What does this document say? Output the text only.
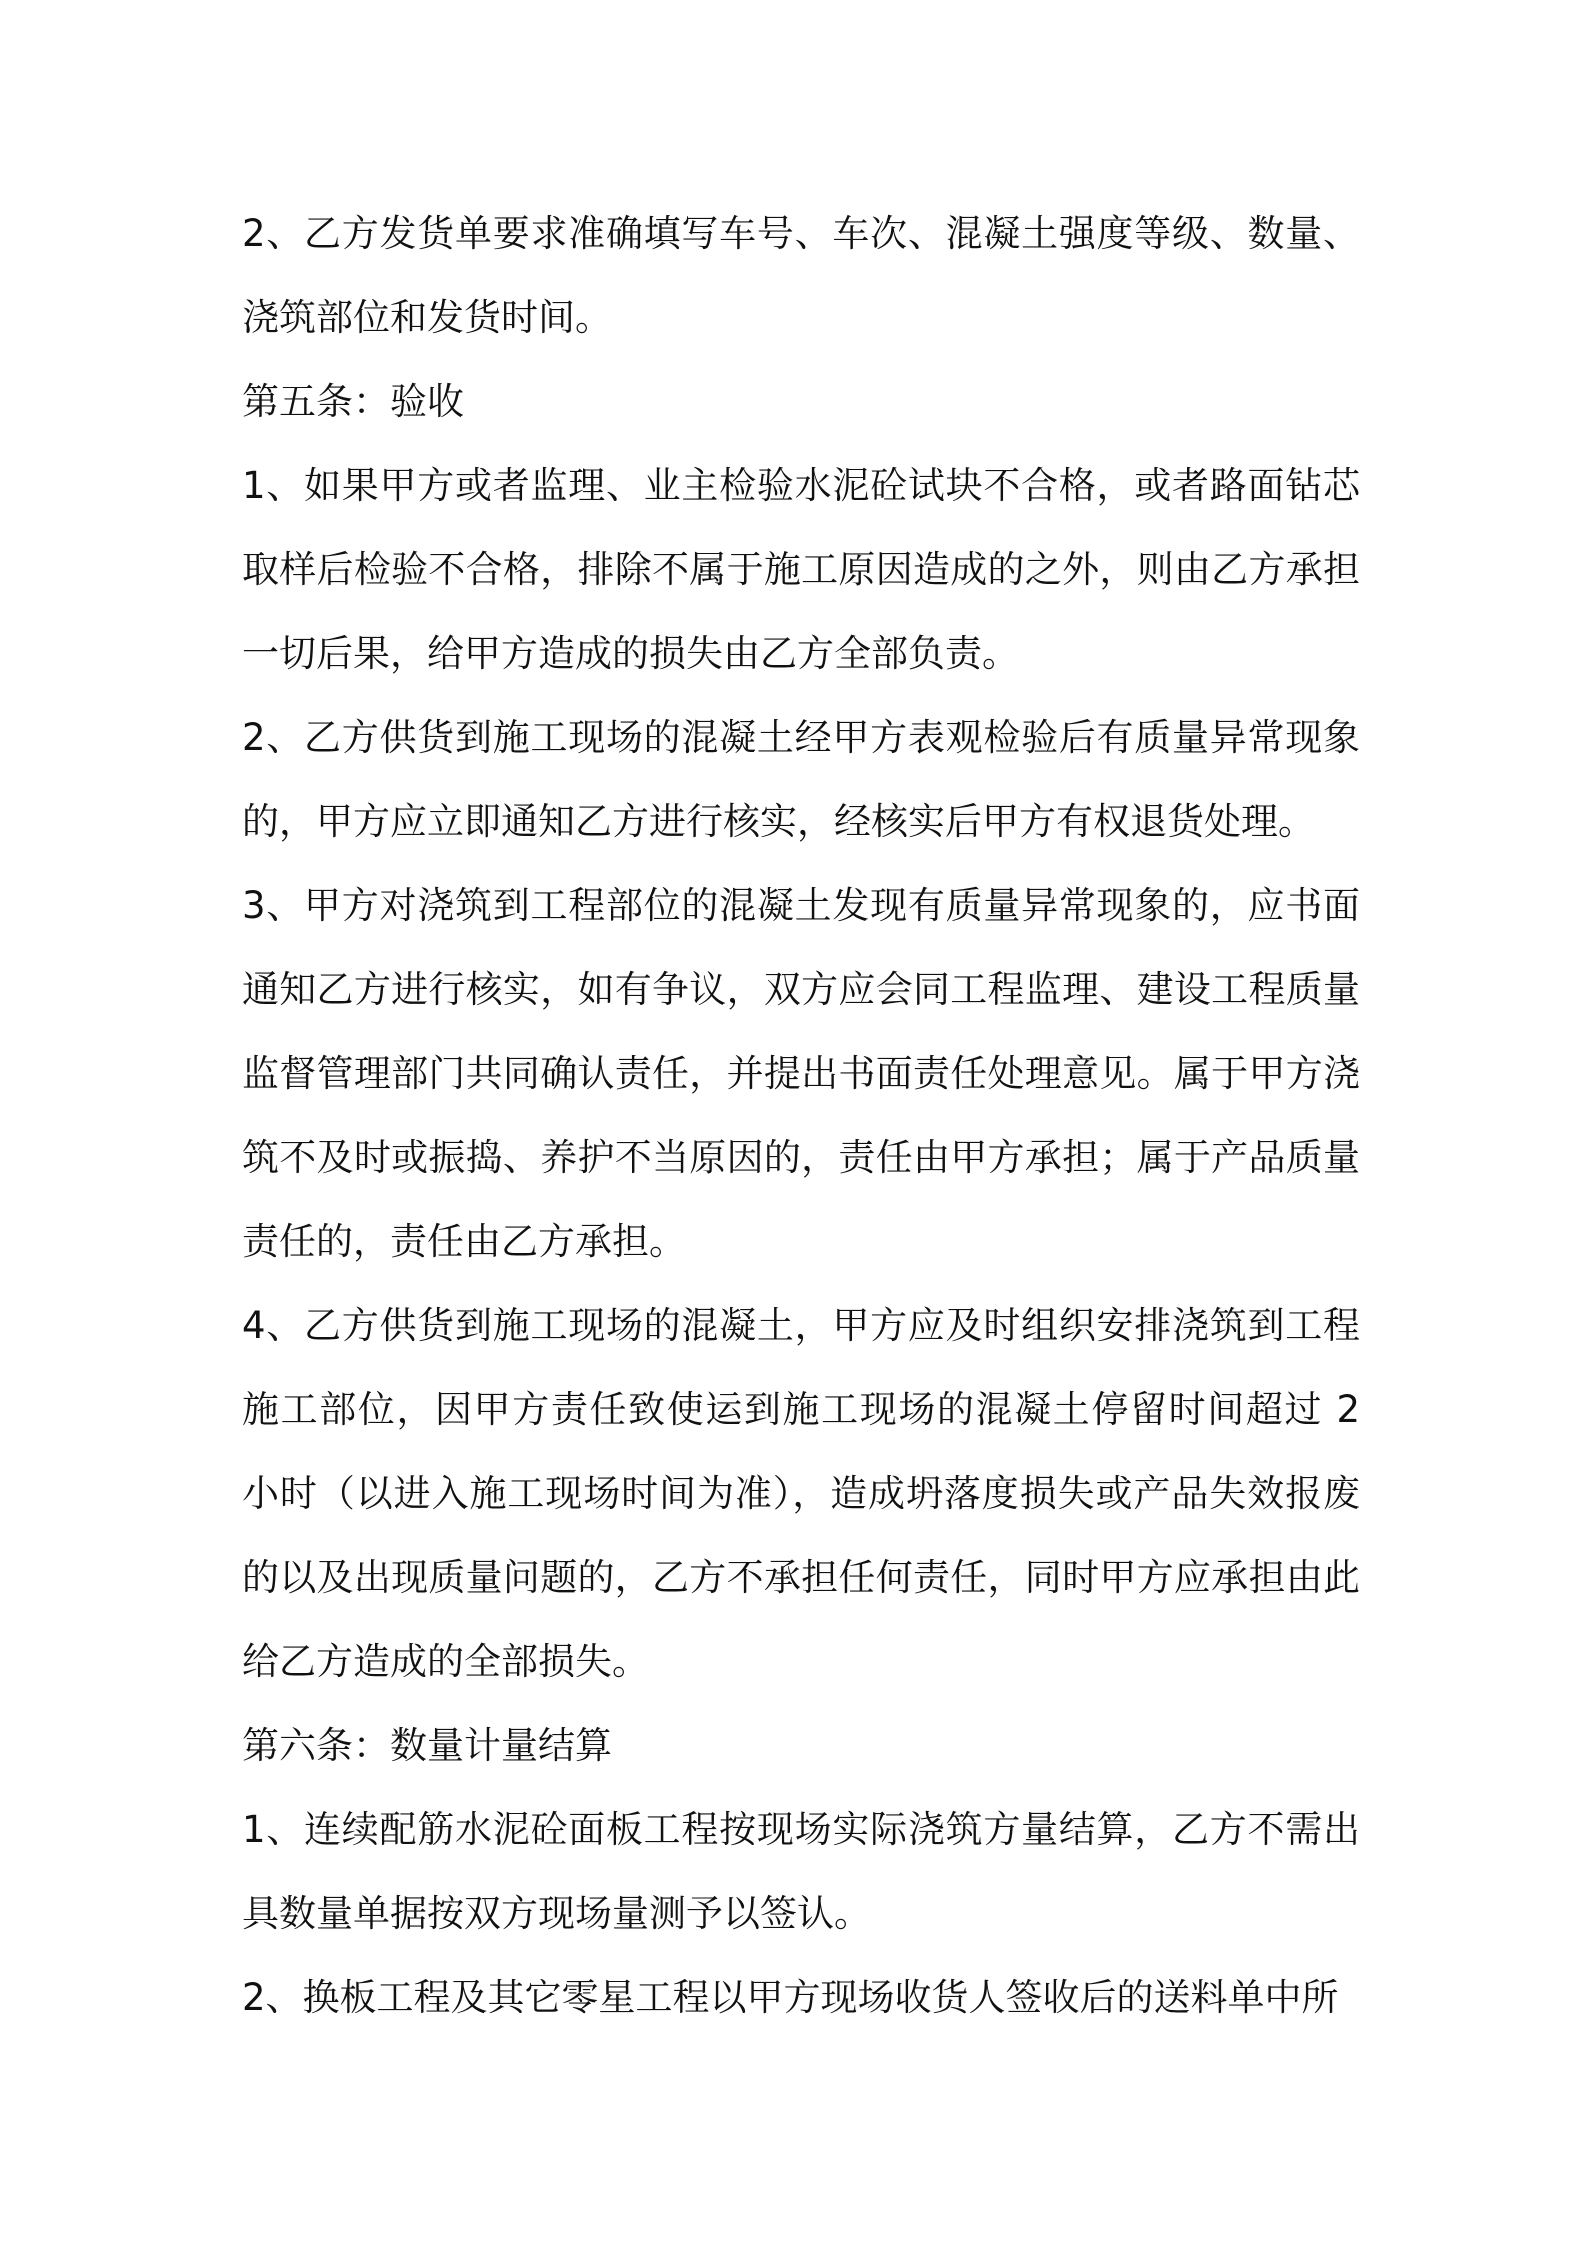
2、乙方发货单要求准确填写车号、车次、混凝土强度等级、数量、浇筑部位和发货时间。

第五条：验收

1、如果甲方或者监理、业主检验水泥砼试块不合格，或者路面钻芯取样后检验不合格，排除不属于施工原因造成的之外，则由乙方承担一切后果，给甲方造成的损失由乙方全部负责。

2、乙方供货到施工现场的混凝土经甲方表观检验后有质量异常现象的，甲方应立即通知乙方进行核实，经核实后甲方有权退货处理。

3、甲方对浇筑到工程部位的混凝土发现有质量异常现象的，应书面通知乙方进行核实，如有争议，双方应会同工程监理、建设工程质量监督管理部门共同确认责任，并提出书面责任处理意见。属于甲方浇筑不及时或振捣、养护不当原因的，责任由甲方承担；属于产品质量责任的，责任由乙方承担。

4、乙方供货到施工现场的混凝土，甲方应及时组织安排浇筑到工程施工部位，因甲方责任致使运到施工现场的混凝土停留时间超过 2 小时（以进入施工现场时间为准），造成坍落度损失或产品失效报废的以及出现质量问题的，乙方不承担任何责任，同时甲方应承担由此给乙方造成的全部损失。

第六条：数量计量结算

1、连续配筋水泥砼面板工程按现场实际浇筑方量结算，乙方不需出具数量单据按双方现场量测予以签认。

2、换板工程及其它零星工程以甲方现场收货人签收后的送料单中所
